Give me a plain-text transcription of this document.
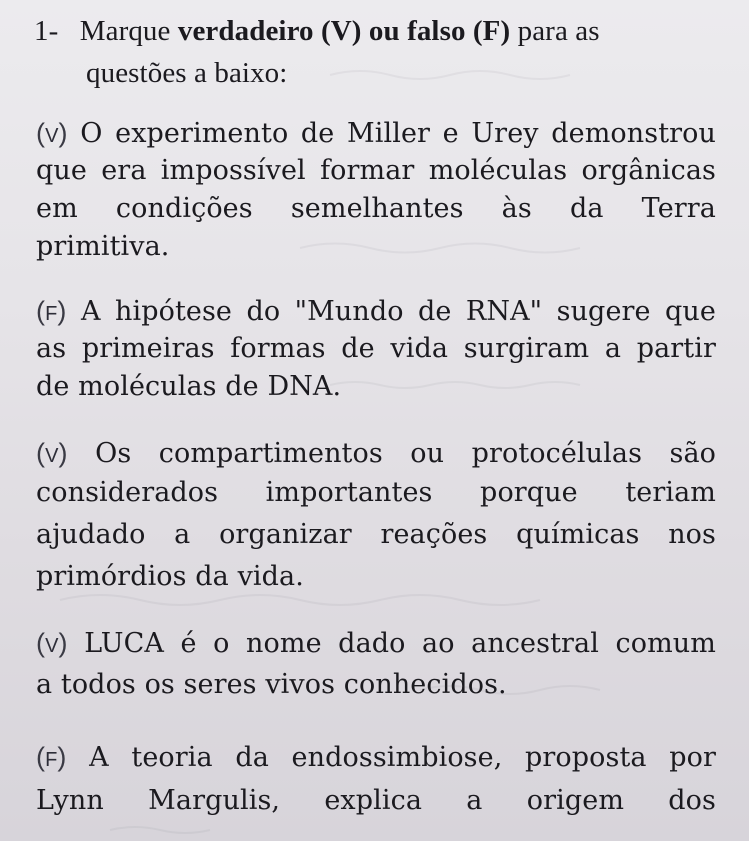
1- Marque verdadeiro (V) ou falso (F) para as
questões a baixo:
(V) O experimento de Miller e Urey demonstrou
que era impossível formar moléculas orgânicas
em condições semelhantes às da Terra
primitiva.
(F) A hipótese do "Mundo de RNA" sugere que
as primeiras formas de vida surgiram a partir
de moléculas de DNA.
(V) Os compartimentos ou protocélulas são
considerados importantes porque teriam
ajudado a organizar reações químicas nos
primórdios da vida.
(V) LUCA é o nome dado ao ancestral comum
a todos os seres vivos conhecidos.
(F) A teoria da endossimbiose, proposta por
Lynn Margulis, explica a origem dos
